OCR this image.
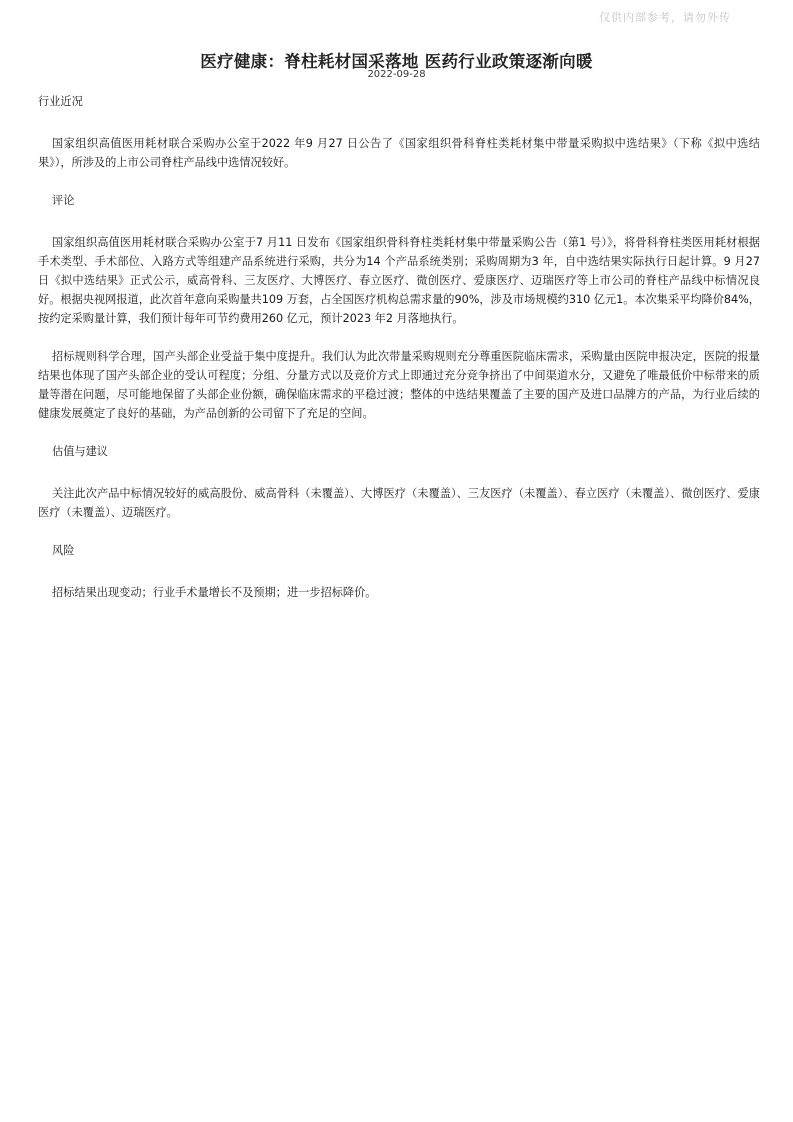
仅供内部参考，请勿外传
医疗健康：脊柱耗材国采落地 医药行业政策逐渐向暖
2022-09-28
行业近况

国家组织高值医用耗材联合采购办公室于2022 年9 月27 日公告了《国家组织骨科脊柱类耗材集中带量采购拟中选结果》（下称《拟中选结果》），所涉及的上市公司脊柱产品线中选情况较好。

评论

国家组织高值医用耗材联合采购办公室于7 月11 日发布《国家组织骨科脊柱类耗材集中带量采购公告（第1 号）》，将骨科脊柱类医用耗材根据手术类型、手术部位、入路方式等组建产品系统进行采购，共分为14 个产品系统类别；采购周期为3 年，自中选结果实际执行日起计算。9 月27 日《拟中选结果》正式公示，威高骨科、三友医疗、大博医疗、春立医疗、微创医疗、爱康医疗、迈瑞医疗等上市公司的脊柱产品线中标情况良好。根据央视网报道，此次首年意向采购量共109 万套，占全国医疗机构总需求量的90%，涉及市场规模约310 亿元1。本次集采平均降价84%，按约定采购量计算，我们预计每年可节约费用260 亿元，预计2023 年2 月落地执行。

招标规则科学合理，国产头部企业受益于集中度提升。我们认为此次带量采购规则充分尊重医院临床需求，采购量由医院申报决定，医院的报量结果也体现了国产头部企业的受认可程度；分组、分量方式以及竞价方式上即通过充分竞争挤出了中间渠道水分，又避免了唯最低价中标带来的质量等潜在问题，尽可能地保留了头部企业份额，确保临床需求的平稳过渡；整体的中选结果覆盖了主要的国产及进口品牌方的产品，为行业后续的健康发展奠定了良好的基础，为产品创新的公司留下了充足的空间。

估值与建议

关注此次产品中标情况较好的威高股份、威高骨科（未覆盖）、大博医疗（未覆盖）、三友医疗（未覆盖）、春立医疗（未覆盖）、微创医疗、爱康医疗（未覆盖）、迈瑞医疗。

风险

招标结果出现变动；行业手术量增长不及预期；进一步招标降价。
